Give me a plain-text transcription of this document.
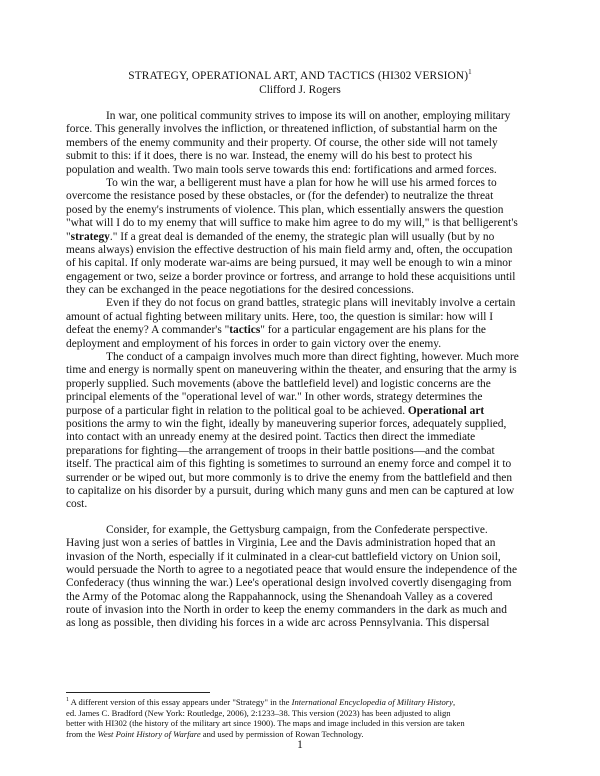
STRATEGY, OPERATIONAL ART, AND TACTICS (HI302 VERSION)$^1$
Clifford J. Rogers
In war, one political community strives to impose its will on another, employing military
force. This generally involves the infliction, or threatened infliction, of substantial harm on the
members of the enemy community and their property. Of course, the other side will not tamely
submit to this: if it does, there is no war. Instead, the enemy will do his best to protect his
population and wealth. Two main tools serve towards this end: fortifications and armed forces.
To win the war, a belligerent must have a plan for how he will use his armed forces to
overcome the resistance posed by these obstacles, or (for the defender) to neutralize the threat
posed by the enemy's instruments of violence. This plan, which essentially answers the question
"what will I do to my enemy that will suffice to make him agree to do my will," is that belligerent's
"strategy." If a great deal is demanded of the enemy, the strategic plan will usually (but by no
means always) envision the effective destruction of his main field army and, often, the occupation
of his capital. If only moderate war-aims are being pursued, it may well be enough to win a minor
engagement or two, seize a border province or fortress, and arrange to hold these acquisitions until
they can be exchanged in the peace negotiations for the desired concessions.
Even if they do not focus on grand battles, strategic plans will inevitably involve a certain
amount of actual fighting between military units. Here, too, the question is similar: how will I
defeat the enemy? A commander's "tactics" for a particular engagement are his plans for the
deployment and employment of his forces in order to gain victory over the enemy.
The conduct of a campaign involves much more than direct fighting, however. Much more
time and energy is normally spent on maneuvering within the theater, and ensuring that the army is
properly supplied. Such movements (above the battlefield level) and logistic concerns are the
principal elements of the "operational level of war." In other words, strategy determines the
purpose of a particular fight in relation to the political goal to be achieved. Operational art
positions the army to win the fight, ideally by maneuvering superior forces, adequately supplied,
into contact with an unready enemy at the desired point. Tactics then direct the immediate
preparations for fighting—the arrangement of troops in their battle positions—and the combat
itself. The practical aim of this fighting is sometimes to surround an enemy force and compel it to
surrender or be wiped out, but more commonly is to drive the enemy from the battlefield and then
to capitalize on his disorder by a pursuit, during which many guns and men can be captured at low
cost.
Consider, for example, the Gettysburg campaign, from the Confederate perspective.
Having just won a series of battles in Virginia, Lee and the Davis administration hoped that an
invasion of the North, especially if it culminated in a clear-cut battlefield victory on Union soil,
would persuade the North to agree to a negotiated peace that would ensure the independence of the
Confederacy (thus winning the war.) Lee's operational design involved covertly disengaging from
the Army of the Potomac along the Rappahannock, using the Shenandoah Valley as a covered
route of invasion into the North in order to keep the enemy commanders in the dark as much and
as long as possible, then dividing his forces in a wide arc across Pennsylvania. This dispersal
$^1$ A different version of this essay appears under "Strategy" in the International Encyclopedia of Military History,
ed. James C. Bradford (New York: Routledge, 2006), 2:1233–38. This version (2023) has been adjusted to align
better with HI302 (the history of the military art since 1900). The maps and image included in this version are taken
from the West Point History of Warfare and used by permission of Rowan Technology.
1
